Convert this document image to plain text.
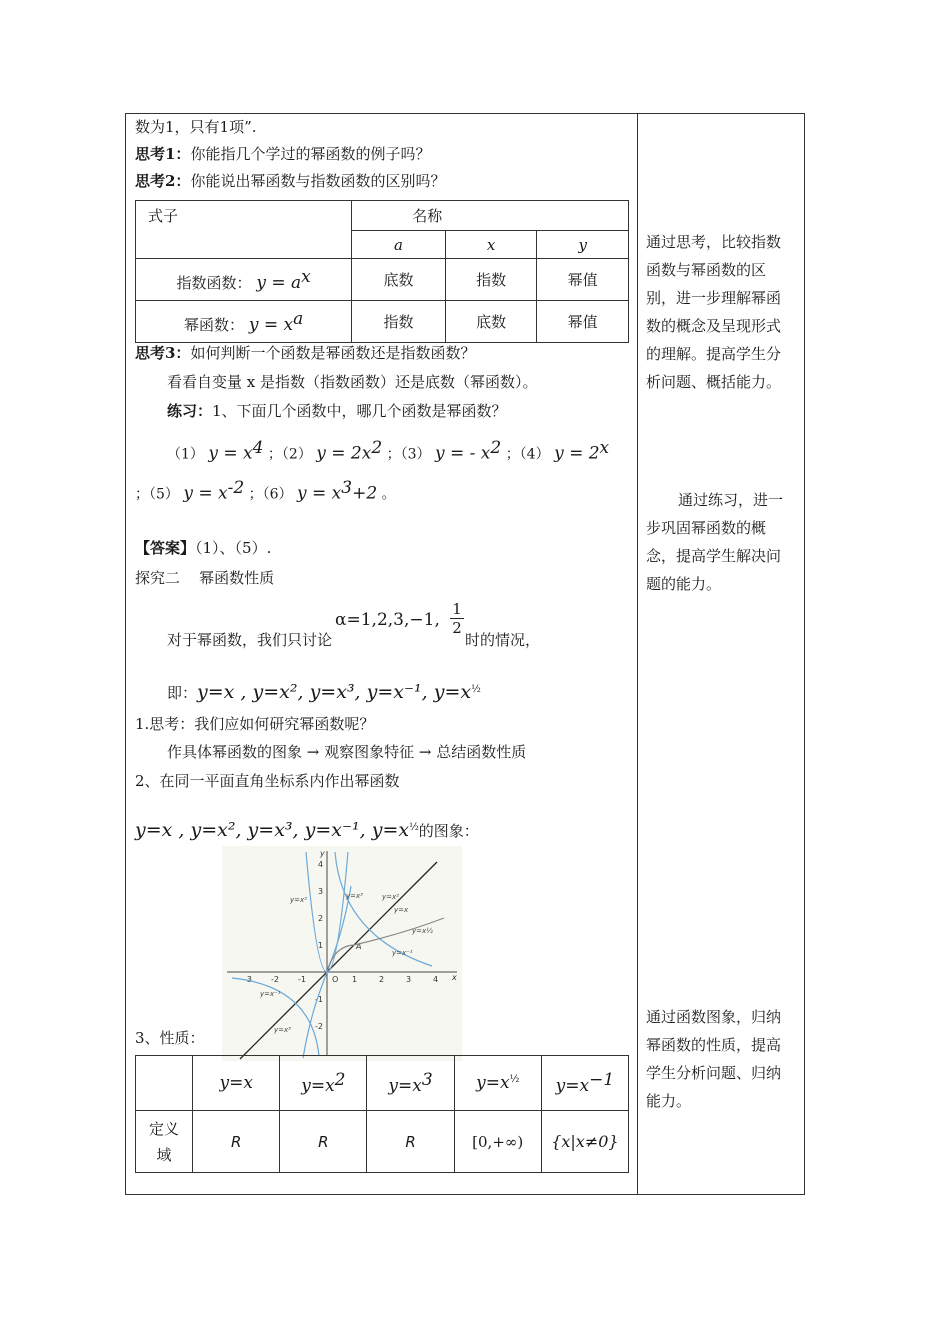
数为1，只有1项”.
思考1：你能指几个学过的幂函数的例子吗？
思考2：你能说出幂函数与指数函数的区别吗？
式子	名称		
	a	x	y
指数函数： $y = a^x$	底数	指数	幂值
幂函数： $y = x^a$	指数	底数	幂值
思考3：如何判断一个函数是幂函数还是指数函数？
看看自变量 x 是指数（指数函数）还是底数（幂函数）。
练习：1、下面几个函数中，哪几个函数是幂函数？
（1） $y = x^4$ ；（2） $y = 2x^2$ ；（3） y = - $x^2$ ；（4） $y = 2^x$
；（5） $y = x^{-2}$ ；（6） $y = x^3+2$ 。
【答案】（1）、（5）.
探究二    幂函数性质
对于幂函数，我们只讨论
α=1,2,3,−1, $\frac{1}{2}$
时的情况，
即：y=x , y=x², y=x³, y=x⁻¹, $y=x^{\frac{1}{2}}$
1.思考：我们应如何研究幂函数呢？
作具体幂函数的图象 → 观察图象特征 → 总结函数性质
2、在同一平面直角坐标系内作出幂函数
y=x , y=x², y=x³, y=x⁻¹, $y=x^{\frac{1}{2}}$的图象：
-3 -2 -1	O 1	2	3	4 x
4
3
2
1
-1
-2
y
A
y=x²	y=x³	y=x²
y=x
y=x½
y=x⁻¹
y=x⁻¹
y=x³
3、性质：
	y=x	$y=x^2$	$y=x^3$	$y=x^{\frac{1}{2}}$	$y=x^{-1}$
定义域	R	R	R	[0,+∞)	{x|x≠0}
通过思考，比较指数函数与幂函数的区别，进一步理解幂函数的概念及呈现形式的理解。提高学生分析问题、概括能力。
通过练习，进一步巩固幂函数的概念，提高学生解决问题的能力。
通过函数图象，归纳幂函数的性质，提高学生分析问题、归纳能力。
